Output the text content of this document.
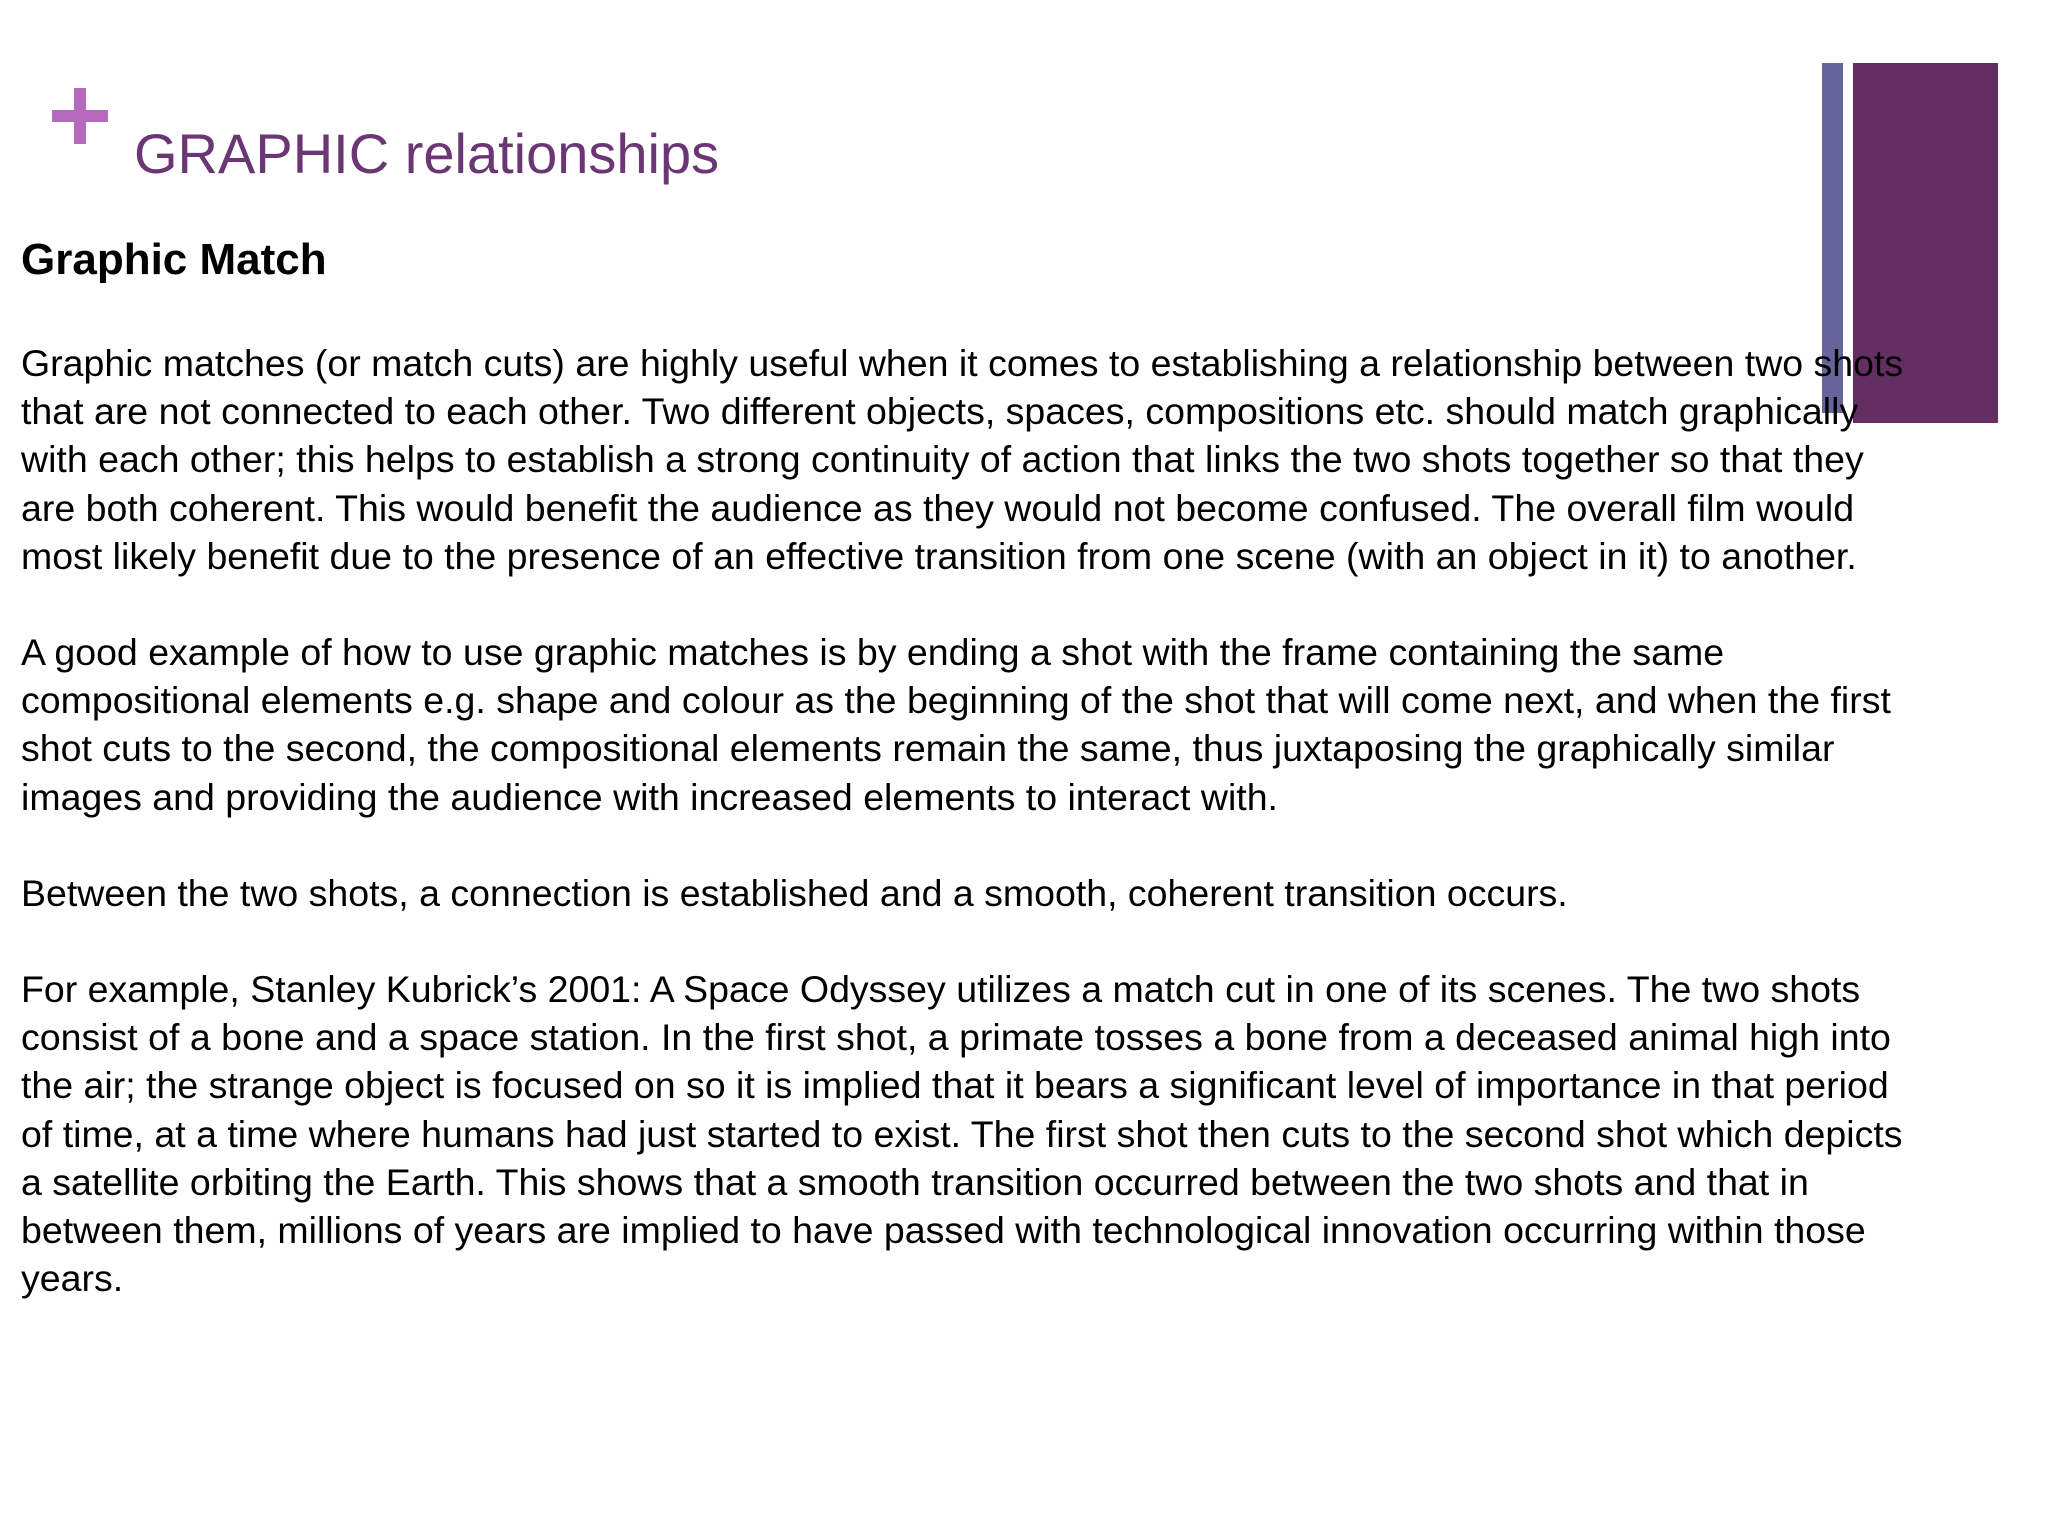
GRAPHIC relationships
Graphic Match
Graphic matches (or match cuts) are highly useful when it comes to establishing a relationship between two shots
that are not connected to each other. Two different objects, spaces, compositions etc. should match graphically
with each other; this helps to establish a strong continuity of action that links the two shots together so that they
are both coherent. This would benefit the audience as they would not become confused. The overall film would
most likely benefit due to the presence of an effective transition from one scene (with an object in it) to another.
A good example of how to use graphic matches is by ending a shot with the frame containing the same
compositional elements e.g. shape and colour as the beginning of the shot that will come next, and when the first
shot cuts to the second, the compositional elements remain the same, thus juxtaposing the graphically similar
images and providing the audience with increased elements to interact with.
Between the two shots, a connection is established and a smooth, coherent transition occurs.
For example, Stanley Kubrick’s 2001: A Space Odyssey utilizes a match cut in one of its scenes. The two shots
consist of a bone and a space station. In the first shot, a primate tosses a bone from a deceased animal high into
the air; the strange object is focused on so it is implied that it bears a significant level of importance in that period
of time, at a time where humans had just started to exist. The first shot then cuts to the second shot which depicts
a satellite orbiting the Earth. This shows that a smooth transition occurred between the two shots and that in
between them, millions of years are implied to have passed with technological innovation occurring within those
years.
